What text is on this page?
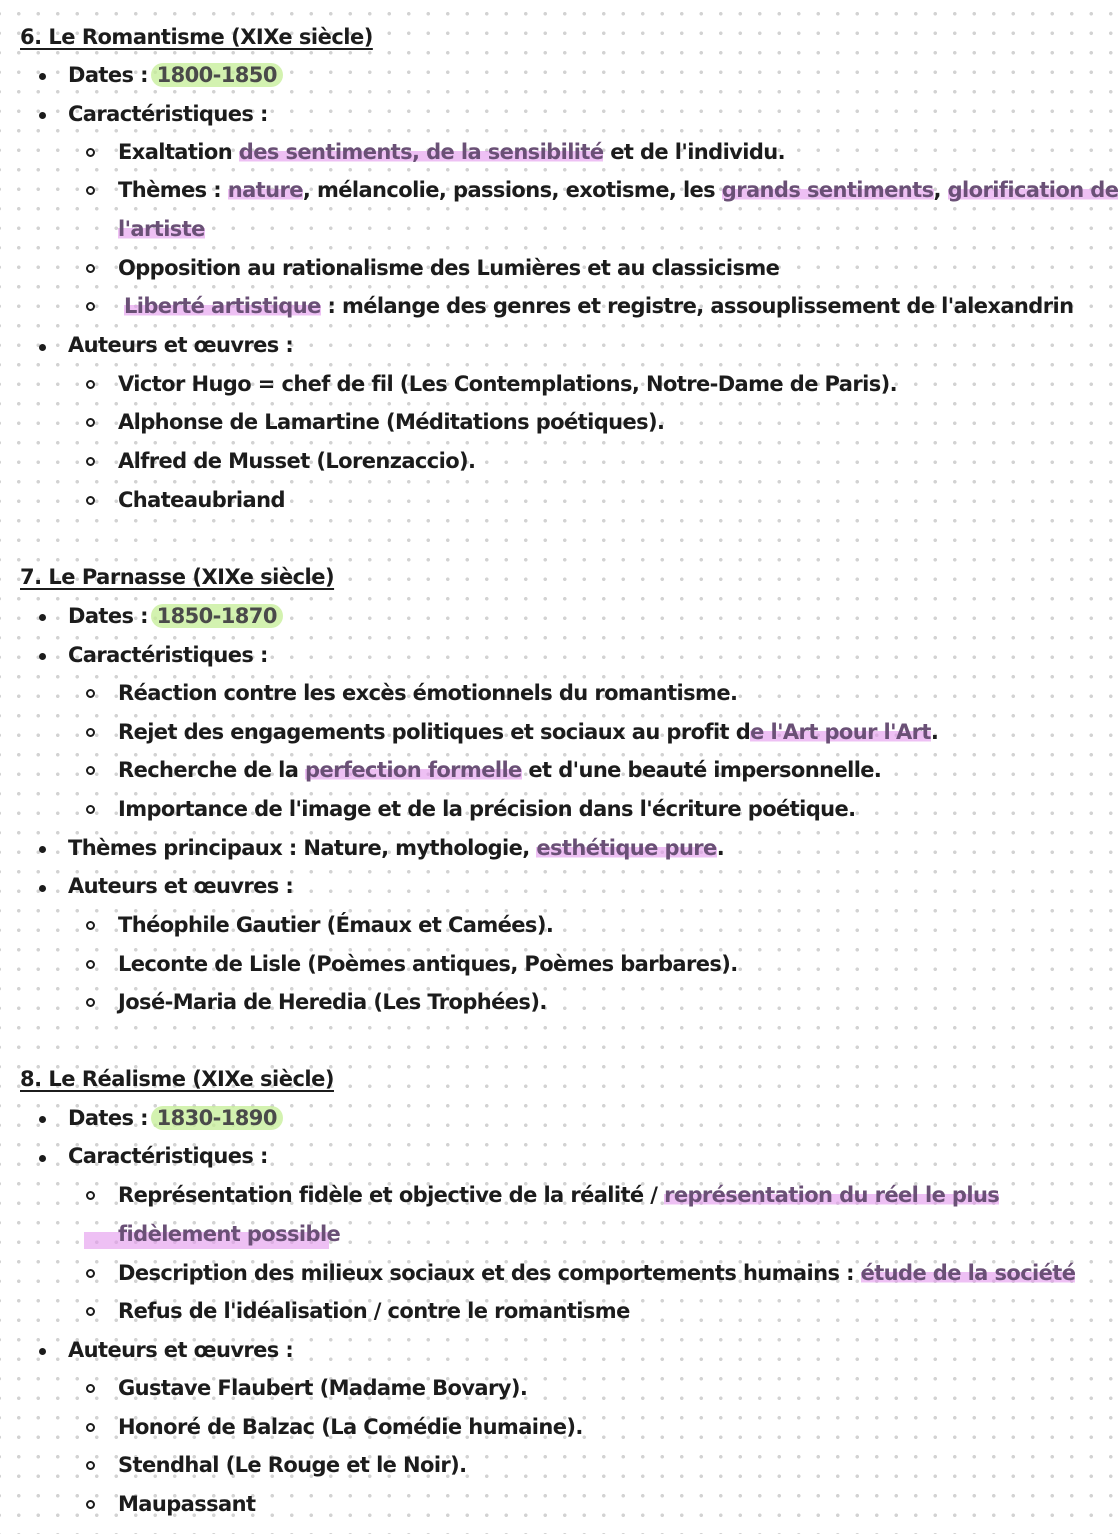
6. Le Romantisme (XIXe siècle)
Dates : 1800-1850
Caractéristiques :
Exaltation des sentiments, de la sensibilité et de l'individu.
Thèmes : nature, mélancolie, passions, exotisme, les grands sentiments, glorification de
l'artiste
Opposition au rationalisme des Lumières et au classicisme
Liberté artistique : mélange des genres et registre, assouplissement de l'alexandrin
Auteurs et œuvres :
Victor Hugo = chef de fil (Les Contemplations, Notre-Dame de Paris).
Alphonse de Lamartine (Méditations poétiques).
Alfred de Musset (Lorenzaccio).
Chateaubriand
7. Le Parnasse (XIXe siècle)
Dates : 1850-1870
Caractéristiques :
Réaction contre les excès émotionnels du romantisme.
Rejet des engagements politiques et sociaux au profit de l'Art pour l'Art.
Recherche de la perfection formelle et d'une beauté impersonnelle.
Importance de l'image et de la précision dans l'écriture poétique.
Thèmes principaux : Nature, mythologie, esthétique pure.
Auteurs et œuvres :
Théophile Gautier (Émaux et Camées).
Leconte de Lisle (Poèmes antiques, Poèmes barbares).
José-Maria de Heredia (Les Trophées).
8. Le Réalisme (XIXe siècle)
Dates : 1830-1890
Caractéristiques :
Représentation fidèle et objective de la réalité / représentation du réel le plus
fidèlement possible
Description des milieux sociaux et des comportements humains : étude de la société
Refus de l'idéalisation / contre le romantisme
Auteurs et œuvres :
Gustave Flaubert (Madame Bovary).
Honoré de Balzac (La Comédie humaine).
Stendhal (Le Rouge et le Noir).
Maupassant
